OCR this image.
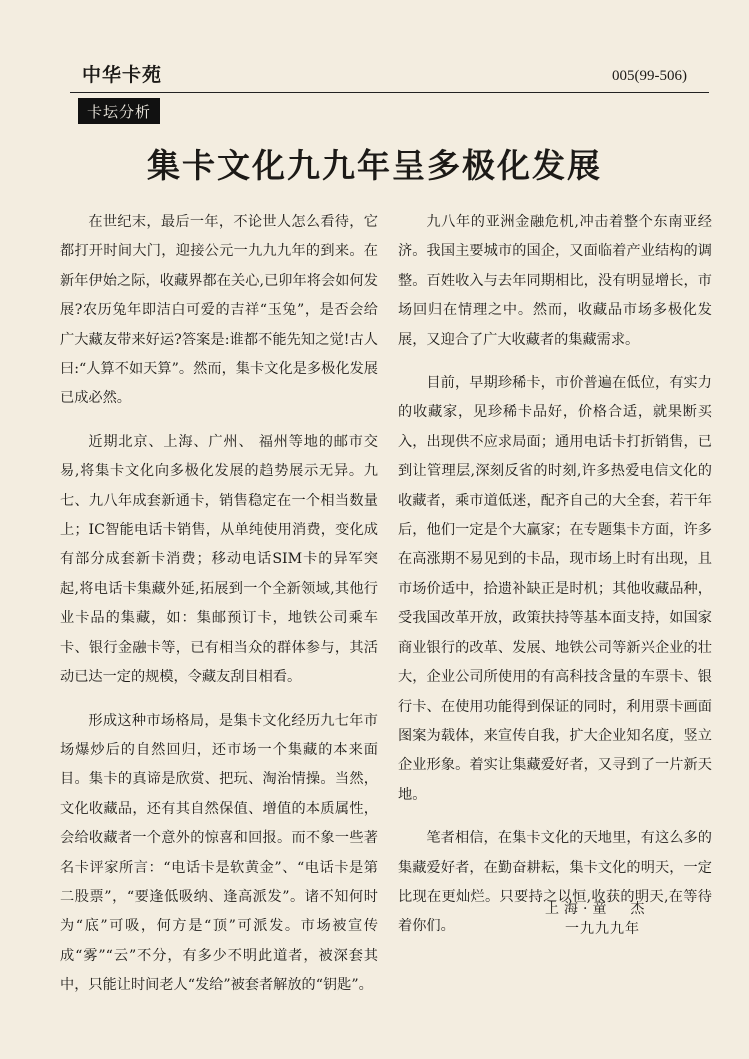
中华卡苑	005(99-506)
卡坛分析
集卡文化九九年呈多极化发展

在世纪末，最后一年，不论世人怎么看待，它都打开时间大门，迎接公元一九九九年的到来。在新年伊始之际，收藏界都在关心,已卯年将会如何发展?农历兔年即洁白可爱的吉祥“玉兔”，是否会给广大藏友带来好运?答案是:谁都不能先知之觉!古人曰:“人算不如天算”。然而，集卡文化是多极化发展已成必然。

近期北京、上海、广州、 福州等地的邮市交易,将集卡文化向多极化发展的趋势展示无异。九七、九八年成套新通卡，销售稳定在一个相当数量上；IC智能电话卡销售，从单纯使用消费，变化成有部分成套新卡消费；移动电话SIM卡的异军突起,将电话卡集藏外延,拓展到一个全新领域,其他行业卡品的集藏，如：集邮预订卡，地铁公司乘车卡、银行金融卡等，已有相当众的群体参与，其活动已达一定的规模，令藏友刮目相看。

形成这种市场格局，是集卡文化经历九七年市场爆炒后的自然回归，还市场一个集藏的本来面目。集卡的真谛是欣赏、把玩、淘治情操。当然，文化收藏品，还有其自然保值、增值的本质属性，会给收藏者一个意外的惊喜和回报。而不象一些著名卡评家所言：“电话卡是软黄金”、“电话卡是第二股票”，“要逢低吸纳、逢高派发”。诸不知何时为“底”可吸，何方是“顶”可派发。市场被宣传成“雾”“云”不分，有多少不明此道者，被深套其中，只能让时间老人“发给”被套者解放的“钥匙”。

九八年的亚洲金融危机,冲击着整个东南亚经济。我国主要城市的国企，又面临着产业结构的调整。百姓收入与去年同期相比，没有明显增长，市场回归在情理之中。然而，收藏品市场多极化发展，又迎合了广大收藏者的集藏需求。

目前，早期珍稀卡，市价普遍在低位，有实力的收藏家，见珍稀卡品好，价格合适，就果断买入，出现供不应求局面；通用电话卡打折销售，已到让管理层,深刻反省的时刻,许多热爱电信文化的收藏者，乘市道低迷，配齐自己的大全套，若干年后，他们一定是个大赢家；在专题集卡方面，许多在高涨期不易见到的卡品，现市场上时有出现，且市场价适中，拾遗补缺正是时机；其他收藏品种，受我国改革开放，政策扶持等基本面支持，如国家商业银行的改革、发展、地铁公司等新兴企业的壮大，企业公司所使用的有高科技含量的车票卡、银行卡、在使用功能得到保证的同时，利用票卡画面图案为载体，来宣传自我，扩大企业知名度，竖立企业形象。着实让集藏爱好者，又寻到了一片新天地。

笔者相信，在集卡文化的天地里，有这么多的集藏爱好者，在勤奋耕耘，集卡文化的明天，一定比现在更灿烂。只要持之以恒,收获的明天,在等待着你们。

上海·童　杰
一九九九年
